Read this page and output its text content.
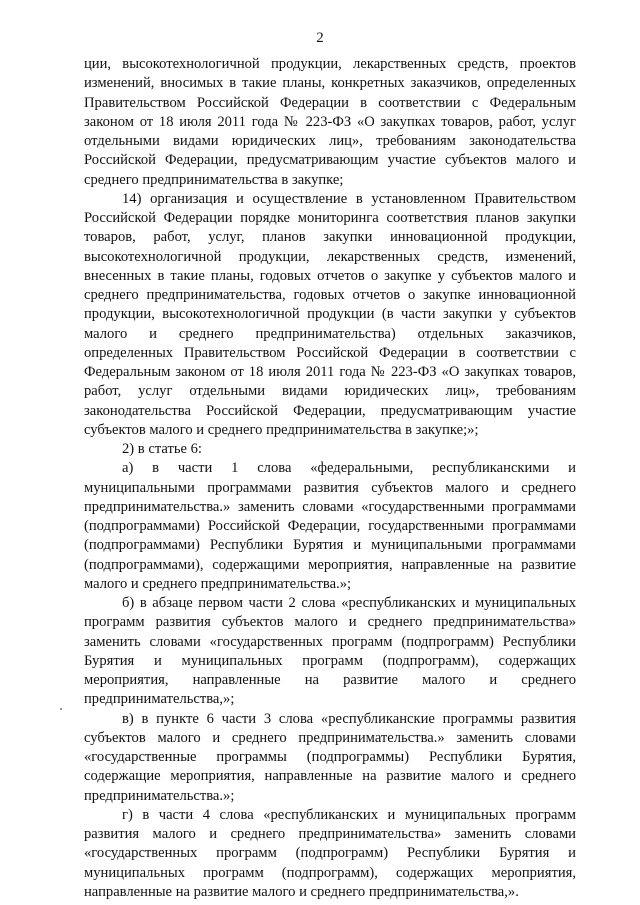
2

ции, высокотехнологичной продукции, лекарственных средств, проектов изменений, вносимых в такие планы, конкретных заказчиков, определенных Правительством Российской Федерации в соответствии с Федеральным законом от 18 июля 2011 года № 223-ФЗ «О закупках товаров, работ, услуг отдельными видами юридических лиц», требованиям законодательства Российской Федерации, предусматривающим участие субъектов малого и среднего предпринимательства в закупке;

14) организация и осуществление в установленном Правительством Российской Федерации порядке мониторинга соответствия планов закупки товаров, работ, услуг, планов закупки инновационной продукции, высокотехнологичной продукции, лекарственных средств, изменений, внесенных в такие планы, годовых отчетов о закупке у субъектов малого и среднего предпринимательства, годовых отчетов о закупке инновационной продукции, высокотехнологичной продукции (в части закупки у субъектов малого и среднего предпринимательства) отдельных заказчиков, определенных Правительством Российской Федерации в соответствии с Федеральным законом от 18 июля 2011 года № 223-ФЗ «О закупках товаров, работ, услуг отдельными видами юридических лиц», требованиям законодательства Российской Федерации, предусматривающим участие субъектов малого и среднего предпринимательства в закупке;»;

2) в статье 6:

а) в части 1 слова «федеральными, республиканскими и муниципальными программами развития субъектов малого и среднего предпринимательства.» заменить словами «государственными программами (подпрограммами) Российской Федерации, государственными программами (подпрограммами) Республики Бурятия и муниципальными программами (подпрограммами), содержащими мероприятия, направленные на развитие малого и среднего предпринимательства.»;

б) в абзаце первом части 2 слова «республиканских и муниципальных программ развития субъектов малого и среднего предпринимательства» заменить словами «государственных программ (подпрограмм) Республики Бурятия и муниципальных программ (подпрограмм), содержащих мероприятия, направленные на развитие малого и среднего предпринимательства,»;

в) в пункте 6 части 3 слова «республиканские программы развития субъектов малого и среднего предпринимательства.» заменить словами «государственные программы (подпрограммы) Республики Бурятия, содержащие мероприятия, направленные на развитие малого и среднего предпринимательства.»;

г) в части 4 слова «республиканских и муниципальных программ развития малого и среднего предпринимательства» заменить словами «государственных программ (подпрограмм) Республики Бурятия и муниципальных программ (подпрограмм), содержащих мероприятия, направленные на развитие малого и среднего предпринимательства,».
